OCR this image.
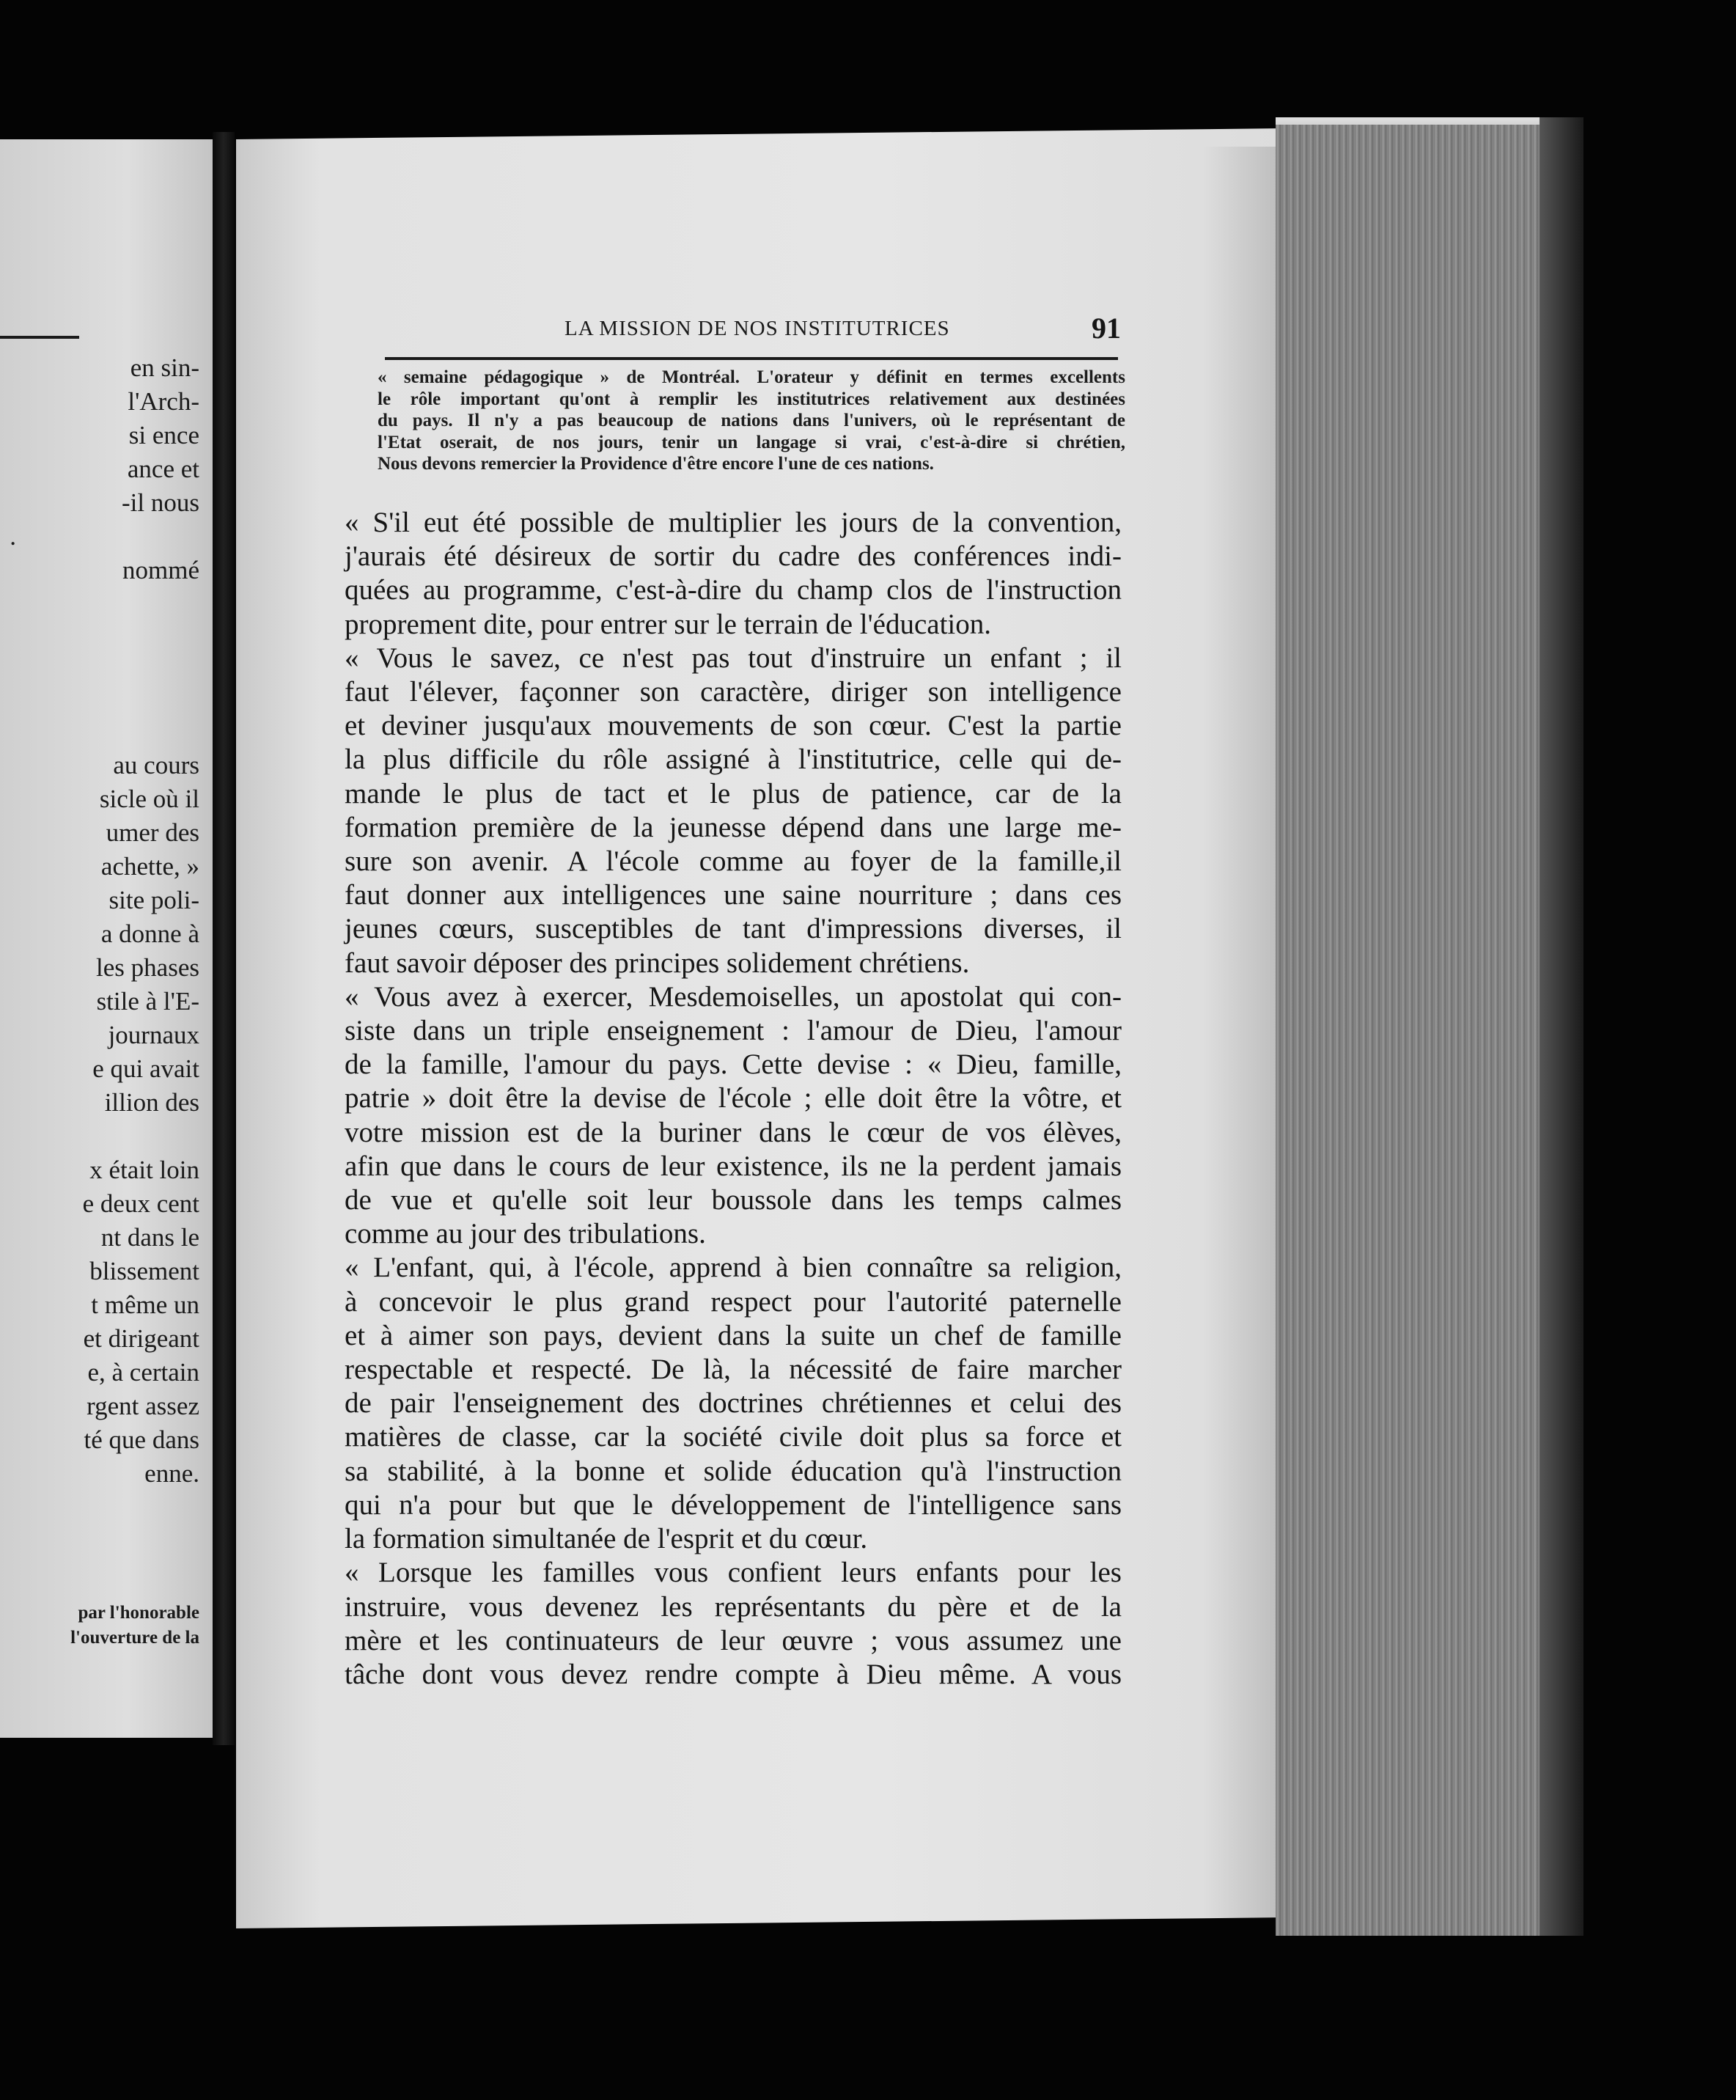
en sin-
l'Arch-
si ence
ance et
-il nous
.
nommé
au cours
sicle où il
umer des
achette, »
site poli-
a donne à
les phases
stile à l'E-
journaux
e qui avait
illion des
x était loin
e deux cent
nt dans le
blissement
t même un
et dirigeant
e, à certain
rgent assez
té que dans
enne.
par l'honorable
l'ouverture de la
LA MISSION DE NOS INSTITUTRICES	91
« semaine pédagogique » de Montréal. L'orateur y définit en termes excellents
le rôle important qu'ont à remplir les institutrices relativement aux destinées
du pays. Il n'y a pas beaucoup de nations dans l'univers, où le représentant de
l'Etat oserait, de nos jours, tenir un langage si vrai, c'est-à-dire si chrétien,
Nous devons remercier la Providence d'être encore l'une de ces nations.
« S'il eut été possible de multiplier les jours de la convention,
j'aurais été désireux de sortir du cadre des conférences indi-
quées au programme, c'est-à-dire du champ clos de l'instruction
proprement dite, pour entrer sur le terrain de l'éducation.
« Vous le savez, ce n'est pas tout d'instruire un enfant ; il
faut l'élever, façonner son caractère, diriger son intelligence
et deviner jusqu'aux mouvements de son cœur. C'est la partie
la plus difficile du rôle assigné à l'institutrice, celle qui de-
mande le plus de tact et le plus de patience, car de la
formation première de la jeunesse dépend dans une large me-
sure son avenir. A l'école comme au foyer de la famille,il
faut donner aux intelligences une saine nourriture ; dans ces
jeunes cœurs, susceptibles de tant d'impressions diverses, il
faut savoir déposer des principes solidement chrétiens.
« Vous avez à exercer, Mesdemoiselles, un apostolat qui con-
siste dans un triple enseignement : l'amour de Dieu, l'amour
de la famille, l'amour du pays. Cette devise : « Dieu, famille,
patrie » doit être la devise de l'école ; elle doit être la vôtre, et
votre mission est de la buriner dans le cœur de vos élèves,
afin que dans le cours de leur existence, ils ne la perdent jamais
de vue et qu'elle soit leur boussole dans les temps calmes
comme au jour des tribulations.
« L'enfant, qui, à l'école, apprend à bien connaître sa religion,
à concevoir le plus grand respect pour l'autorité paternelle
et à aimer son pays, devient dans la suite un chef de famille
respectable et respecté. De là, la nécessité de faire marcher
de pair l'enseignement des doctrines chrétiennes et celui des
matières de classe, car la société civile doit plus sa force et
sa stabilité, à la bonne et solide éducation qu'à l'instruction
qui n'a pour but que le développement de l'intelligence sans
la formation simultanée de l'esprit et du cœur.
« Lorsque les familles vous confient leurs enfants pour les
instruire, vous devenez les représentants du père et de la
mère et les continuateurs de leur œuvre ; vous assumez une
tâche dont vous devez rendre compte à Dieu même. A vous
